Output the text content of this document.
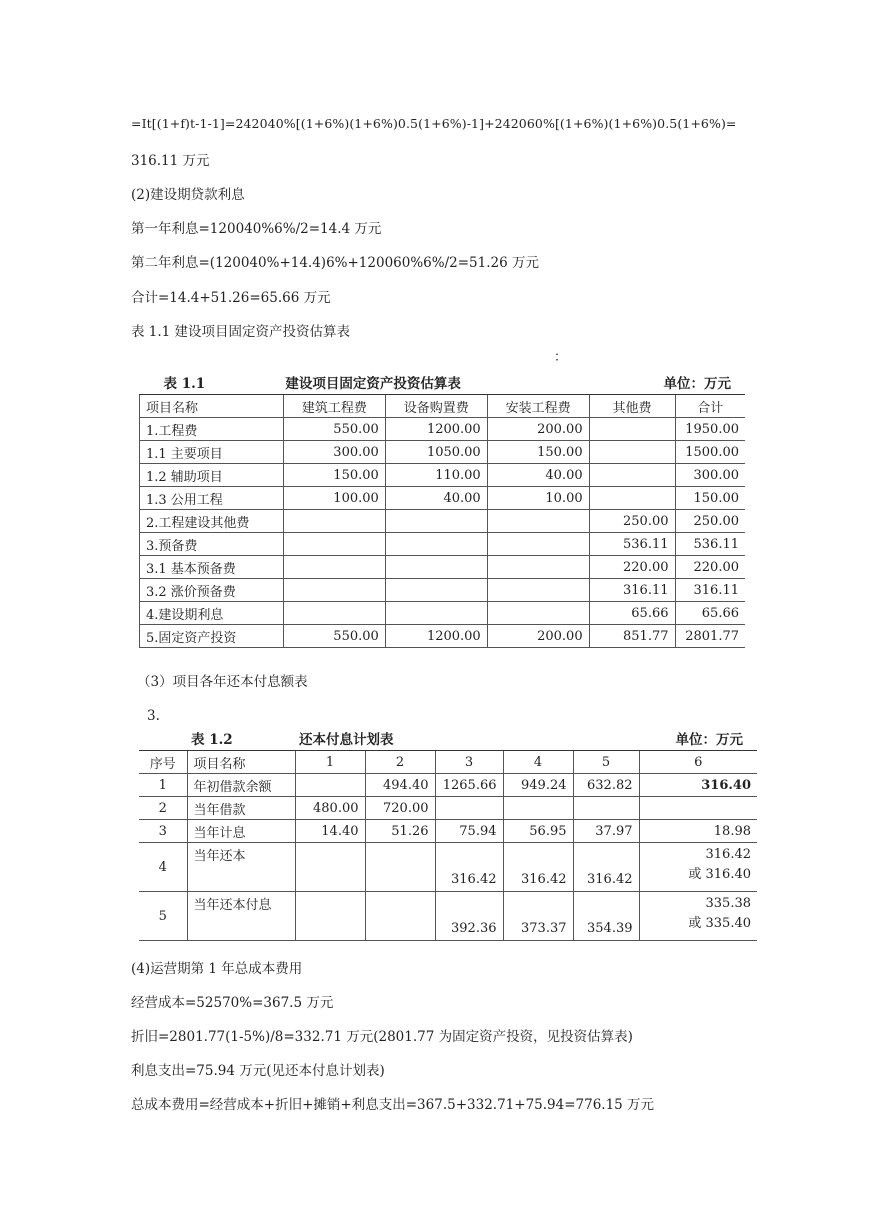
=It[(1+f)t-1-1]=242040%[(1+6%)(1+6%)0.5(1+6%)-1]+242060%[(1+6%)(1+6%)0.5(1+6%)=
316.11 万元
(2)建设期贷款利息
第一年利息=120040%6%/2=14.4 万元
第二年利息=(120040%+14.4)6%+120060%6%/2=51.26 万元
合计=14.4+51.26=65.66 万元
表 1.1 建设项目固定资产投资估算表
：
表 1.1	建设项目固定资产投资估算表			单位：万元	
项目名称	建筑工程费	设备购置费	安装工程费	其他费	合计
1.工程费	550.00	1200.00	200.00		1950.00
1.1 主要项目	300.00	1050.00	150.00		1500.00
1.2 辅助项目	150.00	110.00	40.00		300.00
1.3 公用工程	100.00	40.00	10.00		150.00
2.工程建设其他费				250.00	250.00
3.预备费				536.11	536.11
3.1 基本预备费				220.00	220.00
3.2 涨价预备费				316.11	316.11
4.建设期利息				65.66	65.66
5.固定资产投资	550.00	1200.00	200.00	851.77	2801.77
（3）项目各年还本付息额表
3.
表 1.2		还本付息计划表				单位：万元	
序号	项目名称	1	2	3	4	5	6
1	年初借款余额		494.40	1265.66	949.24	632.82	316.40
2	当年借款	480.00	720.00				
3	当年计息	14.40	51.26	75.94	56.95	37.97	18.98
4	当年还本			316.42	316.42	316.42	316.42
或 316.40

5	当年还本付息			392.36	373.37	354.39	335.38
或 335.40
(4)运营期第 1 年总成本费用
经营成本=52570%=367.5 万元
折旧=2801.77(1-5%)/8=332.71 万元(2801.77 为固定资产投资，见投资估算表)
利息支出=75.94 万元(见还本付息计划表)
总成本费用=经营成本+折旧+摊销+利息支出=367.5+332.71+75.94=776.15 万元
